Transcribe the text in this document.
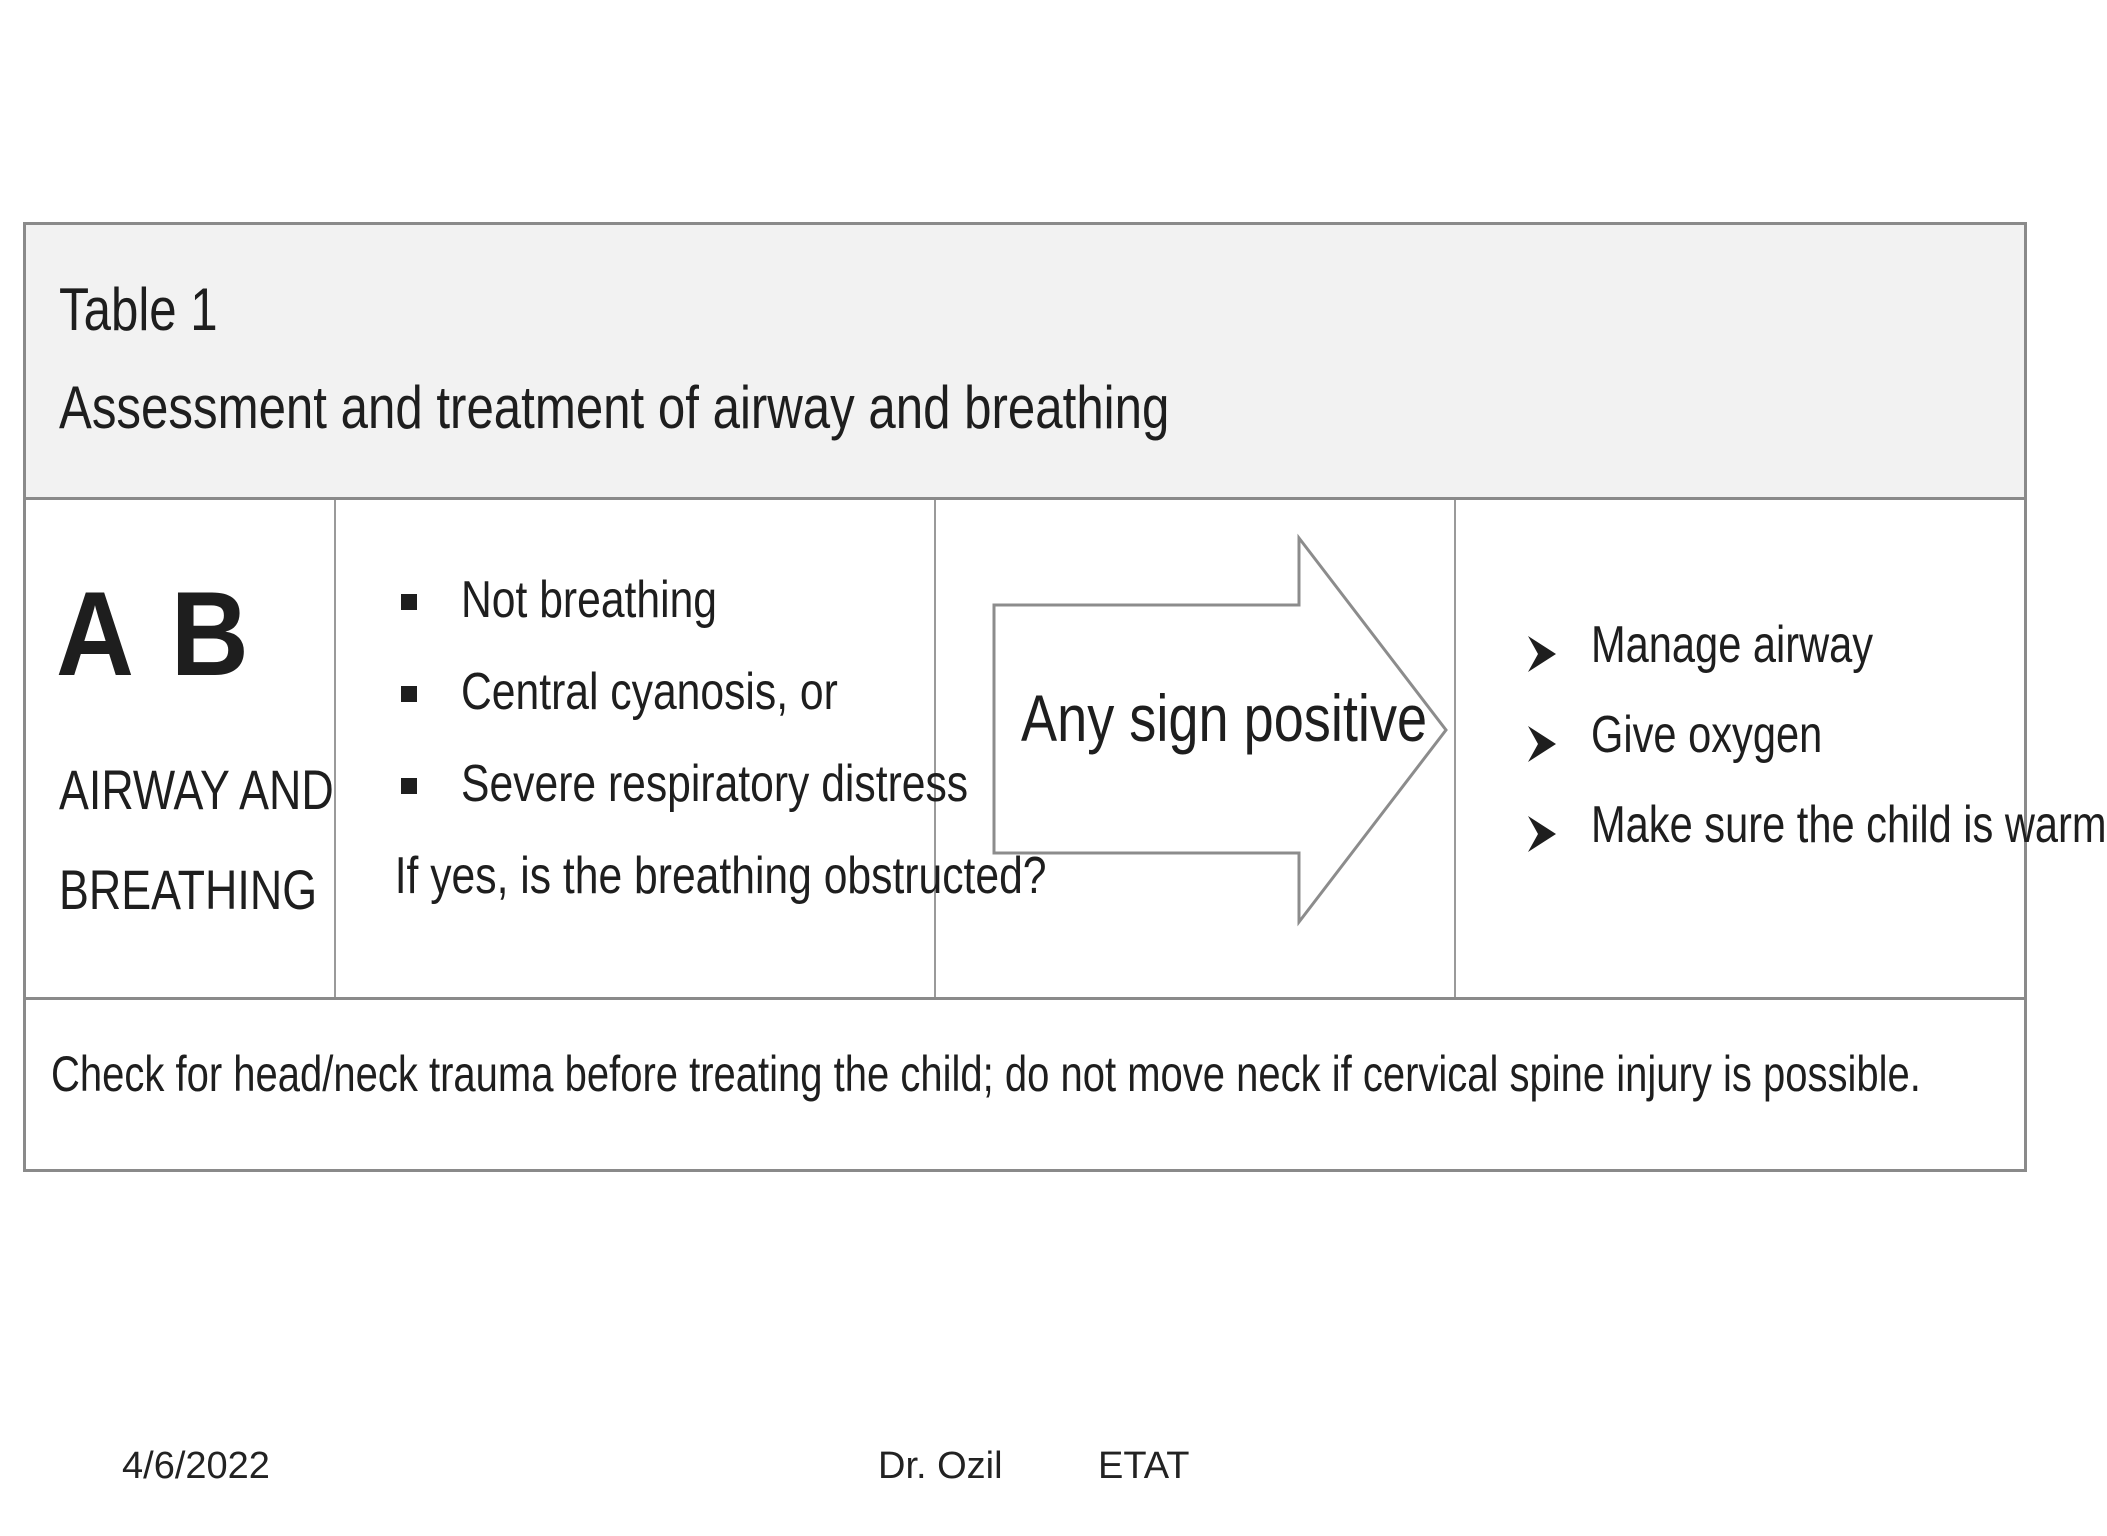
Table 1
Assessment and treatment of airway and breathing
A B
AIRWAY AND BREATHING
Not breathing
Central cyanosis, or
Severe respiratory distress
If yes, is the breathing obstructed?
Any sign positive
Manage airway
Give oxygen
Make sure the child is warm
Check for head/neck trauma before treating the child; do not move neck if cervical spine injury is possible.
4/6/2022	Dr. Ozil	ETAT
